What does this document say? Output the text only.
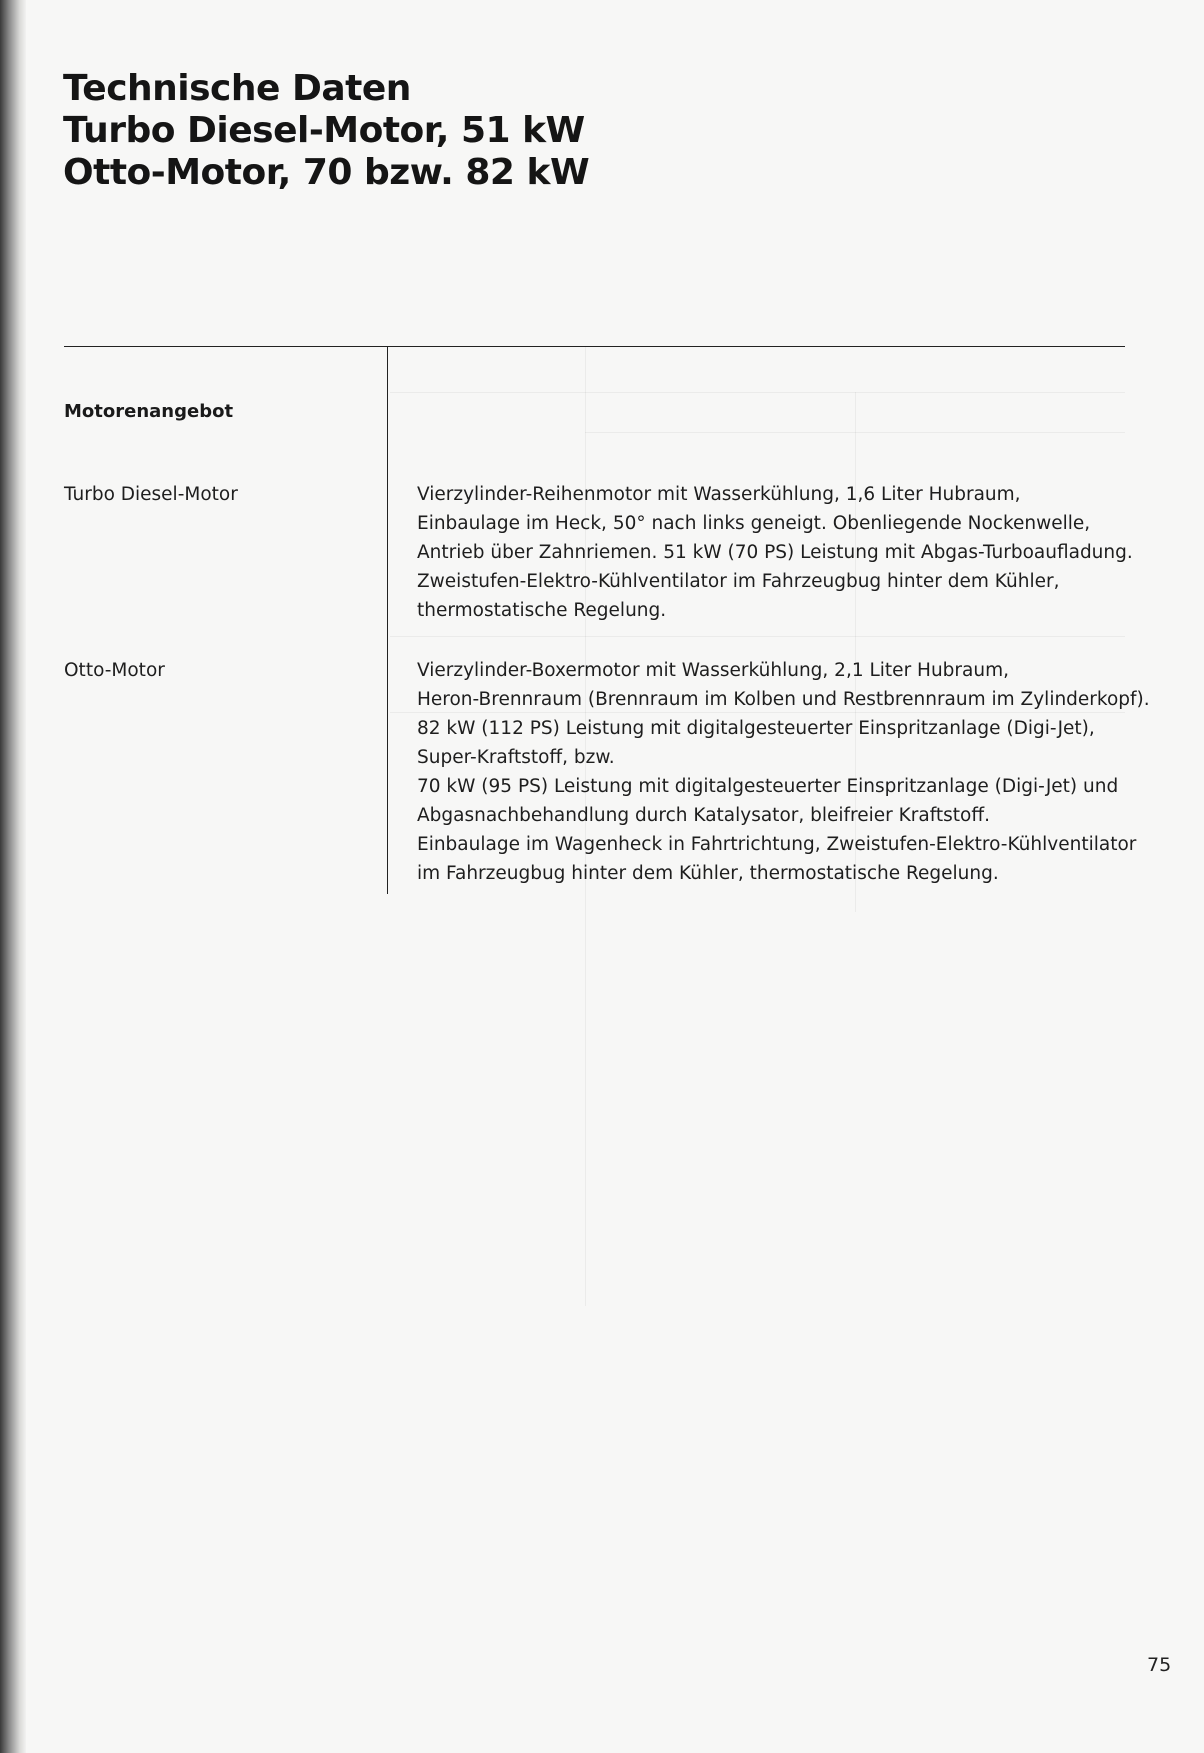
Technische Daten
Turbo Diesel-Motor, 51 kW
Otto-Motor, 70 bzw. 82 kW
Motorenangebot
Turbo Diesel-Motor	Vierzylinder-Reihenmotor mit Wasserkühlung, 1,6 Liter Hubraum,
Einbaulage im Heck, 50° nach links geneigt. Obenliegende Nockenwelle,
Antrieb über Zahnriemen. 51 kW (70 PS) Leistung mit Abgas-Turboaufladung.
Zweistufen-Elektro-Kühlventilator im Fahrzeugbug hinter dem Kühler,
thermostatische Regelung.
Otto-Motor	Vierzylinder-Boxermotor mit Wasserkühlung, 2,1 Liter Hubraum,
Heron-Brennraum (Brennraum im Kolben und Restbrennraum im Zylinderkopf).
82 kW (112 PS) Leistung mit digitalgesteuerter Einspritzanlage (Digi-Jet),
Super-Kraftstoff, bzw.
70 kW (95 PS) Leistung mit digitalgesteuerter Einspritzanlage (Digi-Jet) und
Abgasnachbehandlung durch Katalysator, bleifreier Kraftstoff.
Einbaulage im Wagenheck in Fahrtrichtung, Zweistufen-Elektro-Kühlventilator
im Fahrzeugbug hinter dem Kühler, thermostatische Regelung.
75
